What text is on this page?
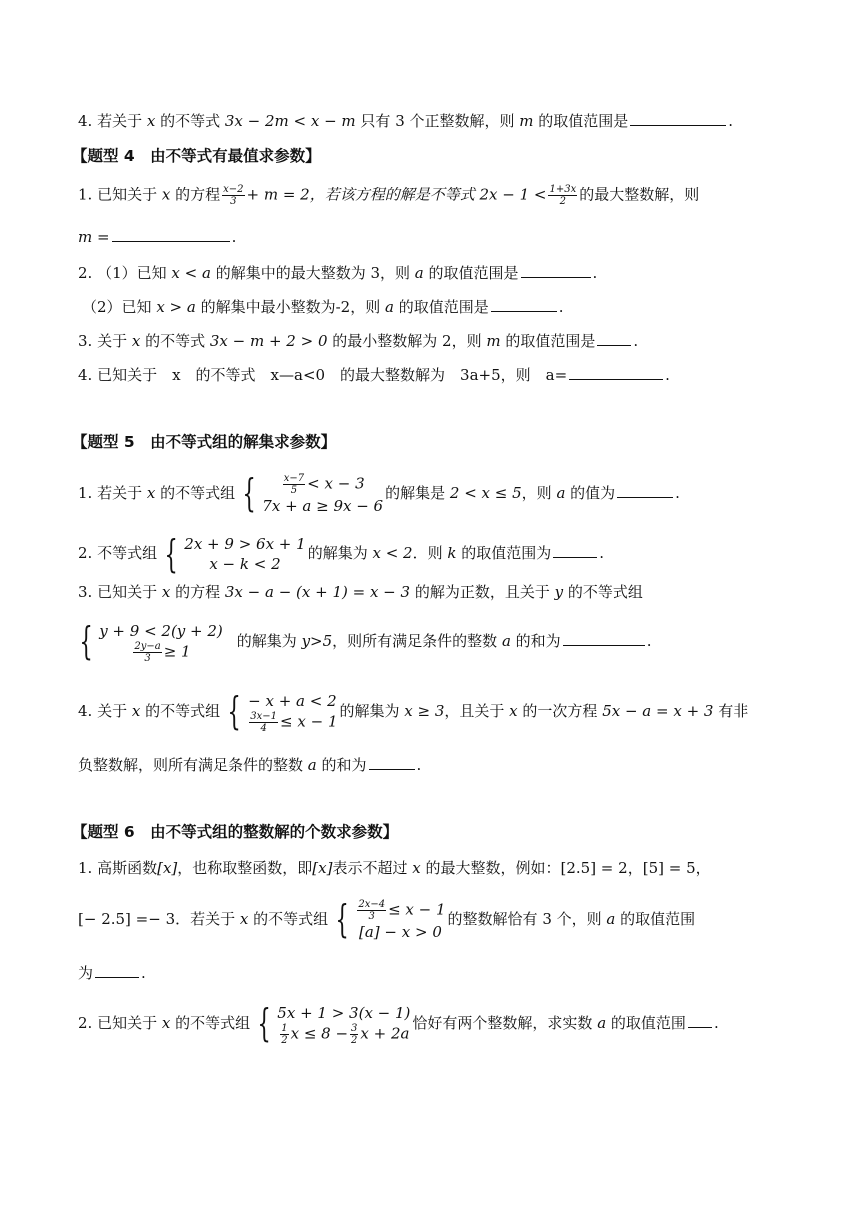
4. 若关于 x 的不等式 3x − 2m < x − m 只有 3 个正整数解，则 m 的取值范围是	.
【题型 4　由不等式有最值求参数】
1. 已知关于 x 的方程 $\frac{x-2}{3} + m = 2$，若该方程的解是不等式 $2x - 1 < \frac{1+3x}{2}$ 的最大整数解，则
m =	.
2. （1）已知 x < a 的解集中的最大整数为 3，则 a 的取值范围是	.
（2）已知 x > a 的解集中最小整数为-2，则 a 的取值范围是	.
3. 关于 x 的不等式 3x − m + 2 > 0 的最小整数解为 2，则 m 的取值范围是	.
4. 已知关于　x　的不等式　x—a<0　的最大整数解为　3a+5，则　a=	.
【题型 5　由不等式组的解集求参数】
1. 若关于 x 的不等式组 {	$\frac{x-7}{5} < x - 3$
7x + a ≥ 9x − 6
的解集是 2 < x ≤ 5，则 a 的值为	.
2. 不等式组 { 2x + 9 > 6x + 1
x − k < 2
的解集为 x < 2．则 k 的取值范围为	.
3. 已知关于 x 的方程 3x − a − (x + 1) = x − 3 的解为正数，且关于 y 的不等式组
{ y + 9 < 2(y + 2)
$\frac{2y-a}{3} \ge 1$
的解集为 y>5，则所有满足条件的整数 a 的和为	.
4. 关于 x 的不等式组 { − x + a < 2
$\frac{3x-1}{4} \le x - 1$
的解集为 x ≥ 3，且关于 x 的一次方程 5x − a = x + 3 有非
负整数解，则所有满足条件的整数 a 的和为	.
【题型 6　由不等式组的整数解的个数求参数】
1. 高斯函数[x]，也称取整函数，即[x]表示不超过 x 的最大整数，例如：[2.5] = 2，[5] = 5，
[− 2.5] =− 3．若关于 x 的不等式组 { $\frac{2x-4}{3} \le x - 1$
[a] − x > 0
的整数解恰有 3 个，则 a 的取值范围
为	.
2. 已知关于 x 的不等式组 { 5x + 1 > 3(x − 1)
$\frac{1}{2}$ $x \le 8 - \frac{3}{2}$ x + 2a
恰好有两个整数解，求实数 a 的取值范围 .
